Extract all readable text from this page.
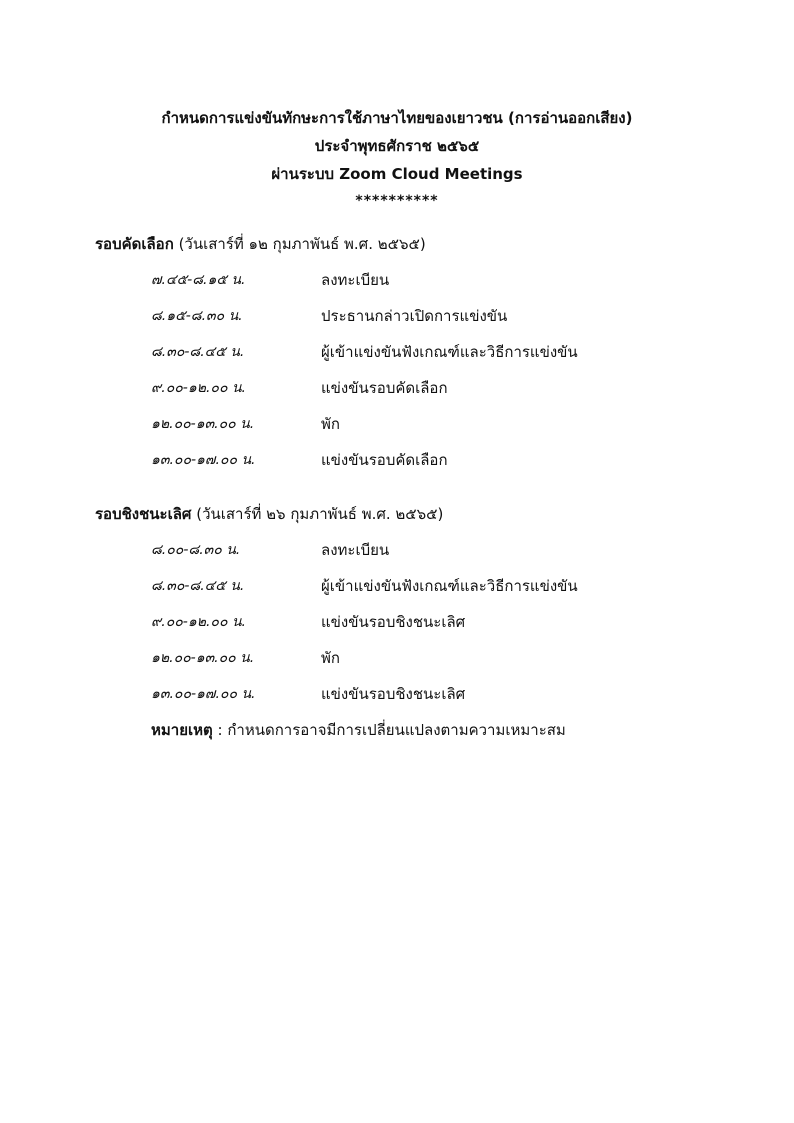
กำหนดการแข่งขันทักษะการใช้ภาษาไทยของเยาวชน (การอ่านออกเสียง)
ประจำพุทธศักราช ๒๕๖๕
ผ่านระบบ Zoom Cloud Meetings
**********
รอบคัดเลือก (วันเสาร์ที่ ๑๒ กุมภาพันธ์ พ.ศ. ๒๕๖๕)
๗.๔๕-๘.๑๕ น.	ลงทะเบียน
๘.๑๕-๘.๓๐ น.	ประธานกล่าวเปิดการแข่งขัน
๘.๓๐-๘.๔๕ น.	ผู้เข้าแข่งขันฟังเกณฑ์และวิธีการแข่งขัน
๙.๐๐-๑๒.๐๐ น.	แข่งขันรอบคัดเลือก
๑๒.๐๐-๑๓.๐๐ น.	พัก
๑๓.๐๐-๑๗.๐๐ น.	แข่งขันรอบคัดเลือก
รอบชิงชนะเลิศ (วันเสาร์ที่ ๒๖ กุมภาพันธ์ พ.ศ. ๒๕๖๕)
๘.๐๐-๘.๓๐ น.	ลงทะเบียน
๘.๓๐-๘.๔๕ น.	ผู้เข้าแข่งขันฟังเกณฑ์และวิธีการแข่งขัน
๙.๐๐-๑๒.๐๐ น.	แข่งขันรอบชิงชนะเลิศ
๑๒.๐๐-๑๓.๐๐ น.	พัก
๑๓.๐๐-๑๗.๐๐ น.	แข่งขันรอบชิงชนะเลิศ
หมายเหตุ : กำหนดการอาจมีการเปลี่ยนแปลงตามความเหมาะสม
